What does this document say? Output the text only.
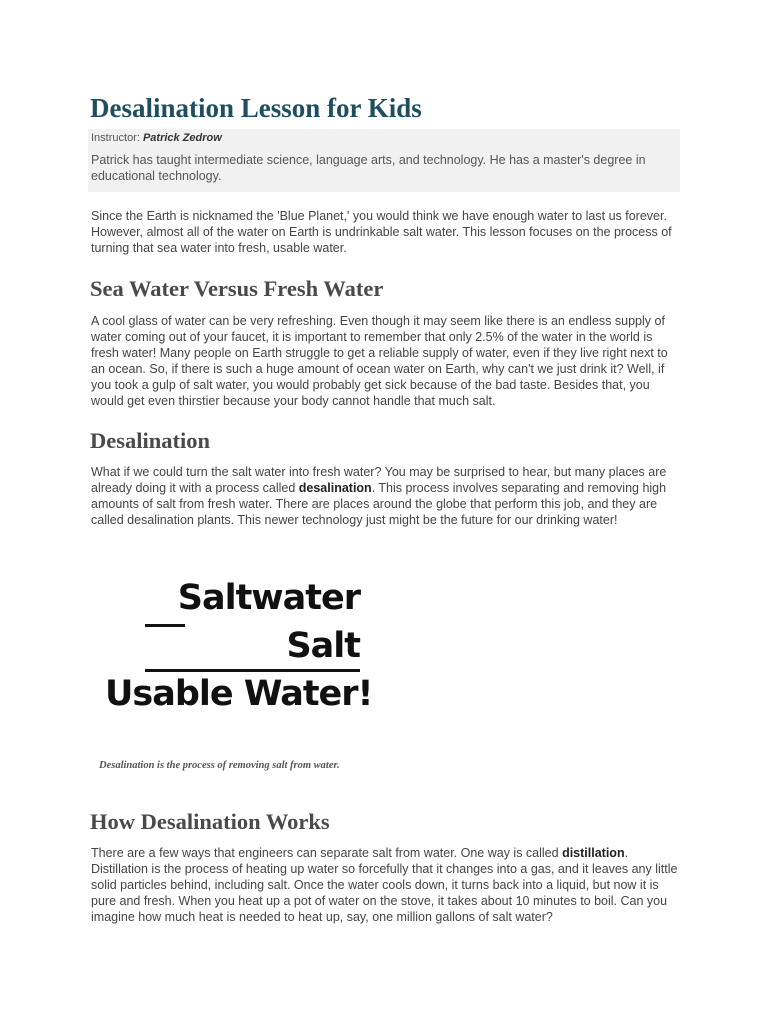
Desalination Lesson for Kids
Instructor: Patrick Zedrow
Patrick has taught intermediate science, language arts, and technology. He has a master's degree in educational technology.

Since the Earth is nicknamed the 'Blue Planet,' you would think we have enough water to last us forever. However, almost all of the water on Earth is undrinkable salt water. This lesson focuses on the process of turning that sea water into fresh, usable water.

Sea Water Versus Fresh Water

A cool glass of water can be very refreshing. Even though it may seem like there is an endless supply of water coming out of your faucet, it is important to remember that only 2.5% of the water in the world is fresh water! Many people on Earth struggle to get a reliable supply of water, even if they live right next to an ocean. So, if there is such a huge amount of ocean water on Earth, why can't we just drink it? Well, if you took a gulp of salt water, you would probably get sick because of the bad taste. Besides that, you would get even thirstier because your body cannot handle that much salt.

Desalination

What if we could turn the salt water into fresh water? You may be surprised to hear, but many places are already doing it with a process called desalination. This process involves separating and removing high amounts of salt from fresh water. There are places around the globe that perform this job, and they are called desalination plants. This newer technology just might be the future for our drinking water!

Saltwater
Salt
Usable Water!

Desalination is the process of removing salt from water.

How Desalination Works

There are a few ways that engineers can separate salt from water. One way is called distillation. Distillation is the process of heating up water so forcefully that it changes into a gas, and it leaves any little solid particles behind, including salt. Once the water cools down, it turns back into a liquid, but now it is pure and fresh. When you heat up a pot of water on the stove, it takes about 10 minutes to boil. Can you imagine how much heat is needed to heat up, say, one million gallons of salt water?
